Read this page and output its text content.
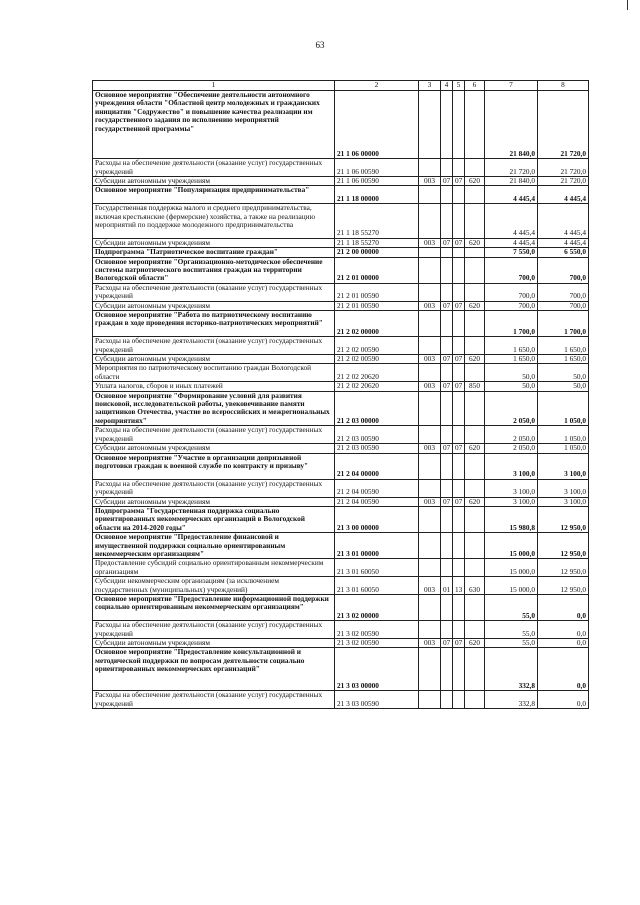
63
1	2	3	4	5	6	7	8
Основное мероприятие "Обеспечение деятельности автономного учреждения области "Областной центр молодежных и гражданских инициатив "Содружество" и повышение качества реализации им государственного задания по исполнению мероприятий государственной программы"	21 1 06 00000					21 840,0	21 720,0
Расходы на обеспечение деятельности (оказание услуг) государственных учреждений	21 1 06 00590					21 720,0	21 720,0
Субсидии автономным учреждениям	21 1 06 00590	003	07	07	620	21 840,0	21 720,0
Основное мероприятие "Популяризация предпринимательства"	21 1 18 00000					4 445,4	4 445,4
Государственная поддержка малого и среднего предпринимательства, включая крестьянские (фермерские) хозяйства, а также на реализацию мероприятий по поддержке молодежного предпринимательства	21 1 18 55270					4 445,4	4 445,4
Субсидии автономным учреждениям	21 1 18 55270	003	07	07	620	4 445,4	4 445,4
Подпрограмма "Патриотическое воспитание граждан"	21 2 00 00000					7 550,0	6 550,0
Основное мероприятие "Организационно-методическое обеспечение системы патриотического воспитания граждан на территории Вологодской области"	21 2 01 00000					700,0	700,0
Расходы на обеспечение деятельности (оказание услуг) государственных учреждений	21 2 01 00590					700,0	700,0
Субсидии автономным учреждениям	21 2 01 00590	003	07	07	620	700,0	700,0
Основное мероприятие "Работа по патриотическому воспитанию граждан в ходе проведения историко-патриотических мероприятий"	21 2 02 00000					1 700,0	1 700,0
Расходы на обеспечение деятельности (оказание услуг) государственных учреждений	21 2 02 00590					1 650,0	1 650,0
Субсидии автономным учреждениям	21 2 02 00590	003	07	07	620	1 650,0	1 650,0
Мероприятия по патриотическому воспитанию граждан Вологодской области	21 2 02 20620					50,0	50,0
Уплата налогов, сборов и иных платежей	21 2 02 20620	003	07	07	850	50,0	50,0
Основное мероприятие "Формирование условий для развития поисковой, исследовательской работы, увековечивание памяти защитников Отечества, участие во всероссийских и межрегиональных мероприятиях"	21 2 03 00000					2 050,0	1 050,0
Расходы на обеспечение деятельности (оказание услуг) государственных учреждений	21 2 03 00590					2 050,0	1 050,0
Субсидии автономным учреждениям	21 2 03 00590	003	07	07	620	2 050,0	1 050,0
Основное мероприятие "Участие в организации допризывной подготовки граждан к военной службе по контракту и призыву"	21 2 04 00000					3 100,0	3 100,0
Расходы на обеспечение деятельности (оказание услуг) государственных учреждений	21 2 04 00590					3 100,0	3 100,0
Субсидии автономным учреждениям	21 2 04 00590	003	07	07	620	3 100,0	3 100,0
Подпрограмма "Государственная поддержка социально ориентированных некоммерческих организаций в Вологодской области на 2014-2020 годы"	21 3 00 00000					15 980,8	12 950,0
Основное мероприятие "Предоставление финансовой и имущественной поддержки социально ориентированным некоммерческим организациям"	21 3 01 00000					15 000,0	12 950,0
Предоставление субсидий социально ориентированным некоммерческим организациям	21 3 01 60050					15 000,0	12 950,0
Субсидии некоммерческим организациям (за исключением государственных (муниципальных) учреждений)	21 3 01 60050	003	01	13	630	15 000,0	12 950,0
Основное мероприятие "Предоставление информационной поддержки социально ориентированным некоммерческим организациям"	21 3 02 00000					55,0	0,0
Расходы на обеспечение деятельности (оказание услуг) государственных учреждений	21 3 02 00590					55,0	0,0
Субсидии автономным учреждениям	21 3 02 00590	003	07	07	620	55,0	0,0
Основное мероприятие "Предоставление консультационной и методической поддержки по вопросам деятельности социально ориентированных некоммерческих организаций"	21 3 03 00000					332,8	0,0
Расходы на обеспечение деятельности (оказание услуг) государственных учреждений	21 3 03 00590					332,8	0,0
